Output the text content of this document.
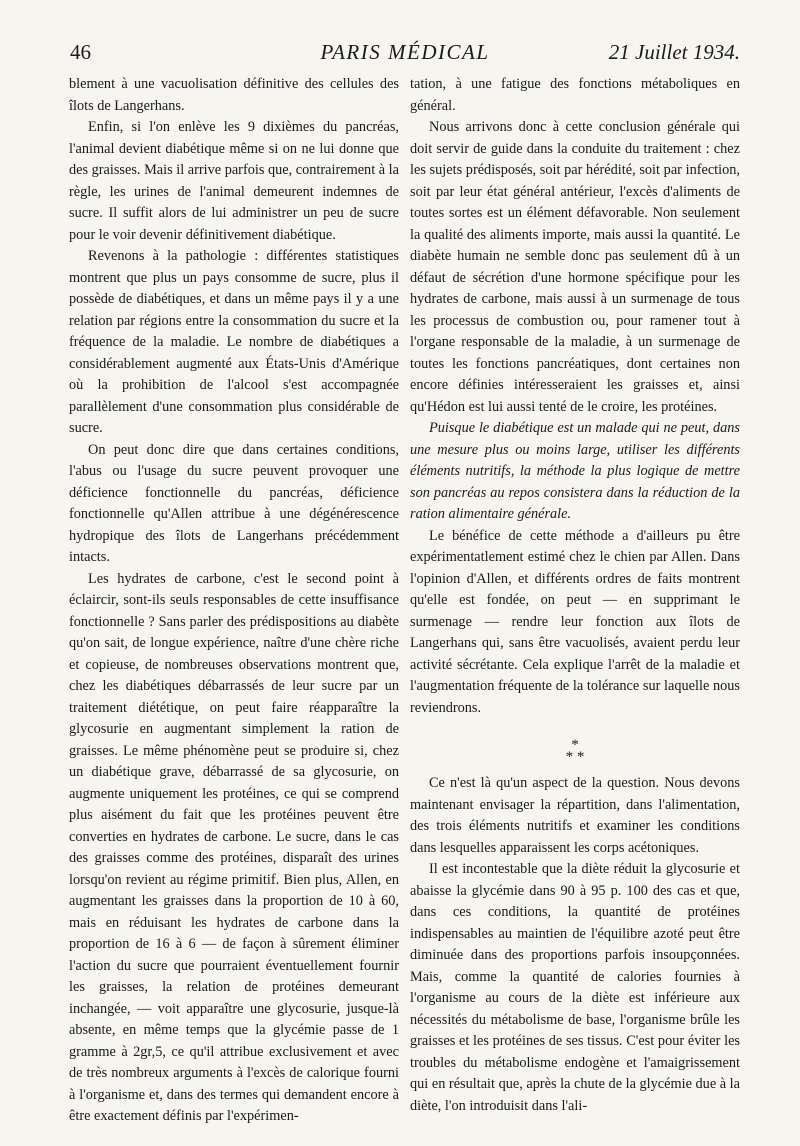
46	PARIS MÉDICAL	21 Juillet 1934.

blement à une vacuolisation définitive des cellules des îlots de Langerhans.

Enfin, si l'on enlève les 9 dixièmes du pancréas, l'animal devient diabétique même si on ne lui donne que des graisses. Mais il arrive parfois que, contrairement à la règle, les urines de l'animal demeurent indemnes de sucre. Il suffit alors de lui administrer un peu de sucre pour le voir devenir définitivement diabétique.

Revenons à la pathologie : différentes statistiques montrent que plus un pays consomme de sucre, plus il possède de diabétiques, et dans un même pays il y a une relation par régions entre la consommation du sucre et la fréquence de la maladie. Le nombre de diabétiques a considérablement augmenté aux États-Unis d'Amérique où la prohibition de l'alcool s'est accompagnée parallèlement d'une consommation plus considérable de sucre.

On peut donc dire que dans certaines conditions, l'abus ou l'usage du sucre peuvent provoquer une déficience fonctionnelle du pancréas, déficience fonctionnelle qu'Allen attribue à une dégénérescence hydropique des îlots de Langerhans précédemment intacts.

Les hydrates de carbone, c'est le second point à éclaircir, sont-ils seuls responsables de cette insuffisance fonctionnelle ? Sans parler des prédispositions au diabète qu'on sait, de longue expérience, naître d'une chère riche et copieuse, de nombreuses observations montrent que, chez les diabétiques débarrassés de leur sucre par un traitement diététique, on peut faire réapparaître la glycosurie en augmentant simplement la ration de graisses. Le même phénomène peut se produire si, chez un diabétique grave, débarrassé de sa glycosurie, on augmente uniquement les protéines, ce qui se comprend plus aisément du fait que les protéines peuvent être converties en hydrates de carbone. Le sucre, dans le cas des graisses comme des protéines, disparaît des urines lorsqu'on revient au régime primitif. Bien plus, Allen, en augmentant les graisses dans la proportion de 10 à 60, mais en réduisant les hydrates de carbone dans la proportion de 16 à 6 — de façon à sûrement éliminer l'action du sucre que pourraient éventuellement fournir les graisses, la relation de protéines demeurant inchangée, — voit apparaître une glycosurie, jusque-là absente, en même temps que la glycémie passe de 1 gramme à 2gr,5, ce qu'il attribue exclusivement et avec de très nombreux arguments à l'excès de calorique fourni à l'organisme et, dans des termes qui demandent encore à être exactement définis par l'expérimen-

tation, à une fatigue des fonctions métaboliques en général.

Nous arrivons donc à cette conclusion générale qui doit servir de guide dans la conduite du traitement : chez les sujets prédisposés, soit par hérédité, soit par infection, soit par leur état général antérieur, l'excès d'aliments de toutes sortes est un élément défavorable. Non seulement la qualité des aliments importe, mais aussi la quantité. Le diabète humain ne semble donc pas seulement dû à un défaut de sécrétion d'une hormone spécifique pour les hydrates de carbone, mais aussi à un surmenage de tous les processus de combustion ou, pour ramener tout à l'organe responsable de la maladie, à un surmenage de toutes les fonctions pancréatiques, dont certaines non encore définies intéresseraient les graisses et, ainsi qu'Hédon est lui aussi tenté de le croire, les protéines.

Puisque le diabétique est un malade qui ne peut, dans une mesure plus ou moins large, utiliser les différents éléments nutritifs, la méthode la plus logique de mettre son pancréas au repos consistera dans la réduction de la ration alimentaire générale.

Le bénéfice de cette méthode a d'ailleurs pu être expérimentatlement estimé chez le chien par Allen. Dans l'opinion d'Allen, et différents ordres de faits montrent qu'elle est fondée, on peut — en supprimant le surmenage — rendre leur fonction aux îlots de Langerhans qui, sans être vacuolisés, avaient perdu leur activité sécrétante. Cela explique l'arrêt de la maladie et l'augmentation fréquente de la tolérance sur laquelle nous reviendrons.

*
* *

Ce n'est là qu'un aspect de la question. Nous devons maintenant envisager la répartition, dans l'alimentation, des trois éléments nutritifs et examiner les conditions dans lesquelles apparaissent les corps acétoniques.

Il est incontestable que la diète réduit la glycosurie et abaisse la glycémie dans 90 à 95 p. 100 des cas et que, dans ces conditions, la quantité de protéines indispensables au maintien de l'équilibre azoté peut être diminuée dans des proportions parfois insoupçonnées. Mais, comme la quantité de calories fournies à l'organisme au cours de la diète est inférieure aux nécessités du métabolisme de base, l'organisme brûle les graisses et les protéines de ses tissus. C'est pour éviter les troubles du métabolisme endogène et l'amaigrissement qui en résultait que, après la chute de la glycémie due à la diète, l'on introduisit dans l'ali-
